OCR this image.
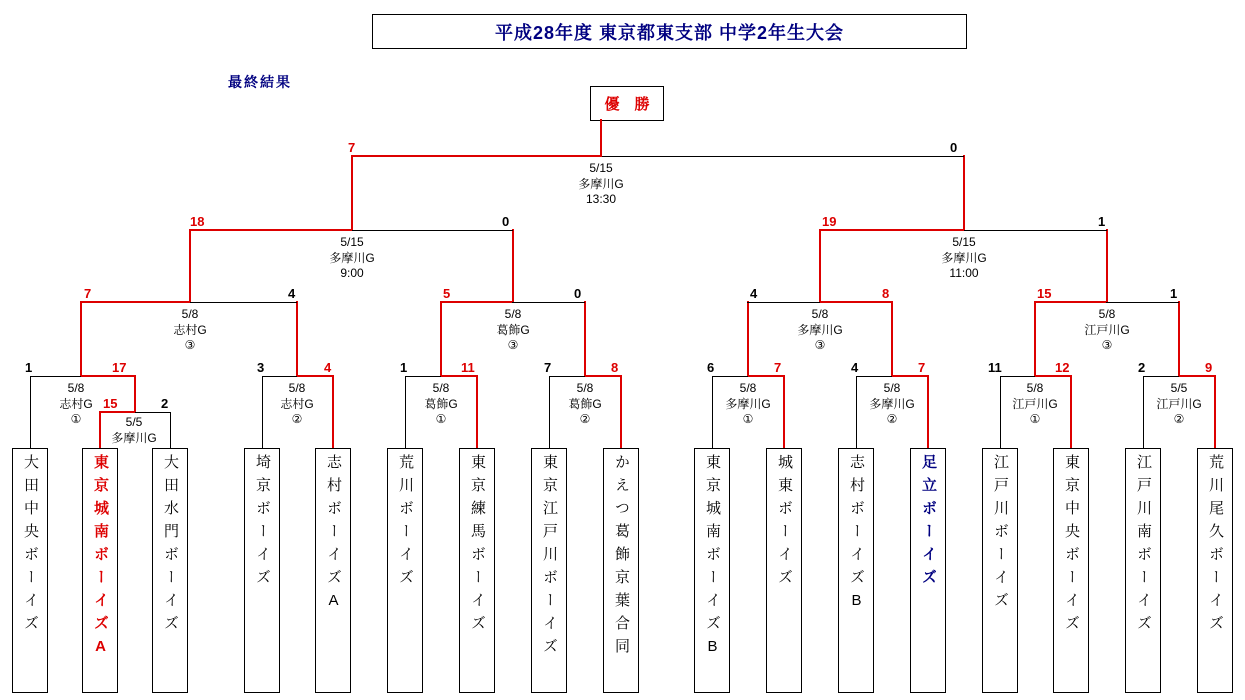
平成28年度 東京都東支部 中学2年生大会
最終結果
優　勝
7	0
18	0	19	1
7	4	5	0	4	8	15	1
1	17	3	4	1	11	7	8	6	7	4	7	11	12	2	9
15	2
5/15
多摩川G
13:30
5/15
多摩川G
9:00
5/15
多摩川G
11:00
5/8
志村G
③
5/8
葛飾G
③
5/8
多摩川G
③
5/8
江戸川G
③
5/8
志村G
①
5/8
志村G
②
5/8
葛飾G
①
5/8
葛飾G
②
5/8
多摩川G
①
5/8
多摩川G
②
5/8
江戸川G
①
5/5
江戸川G
②
5/5
多摩川G
大田中央ボーイズ	東京城南ボーイズA	大田水門ボーイズ	埼京ボーイズ	志村ボーイズA	荒川ボーイズ	東京練馬ボーイズ	東京江戸川ボーイズ	かえつ葛飾京葉合同	東京城南ボーイズB	城東ボーイズ	志村ボーイズB	足立ボーイズ	江戸川ボーイズ	東京中央ボーイズ	江戸川南ボーイズ	荒川尾久ボーイズ
